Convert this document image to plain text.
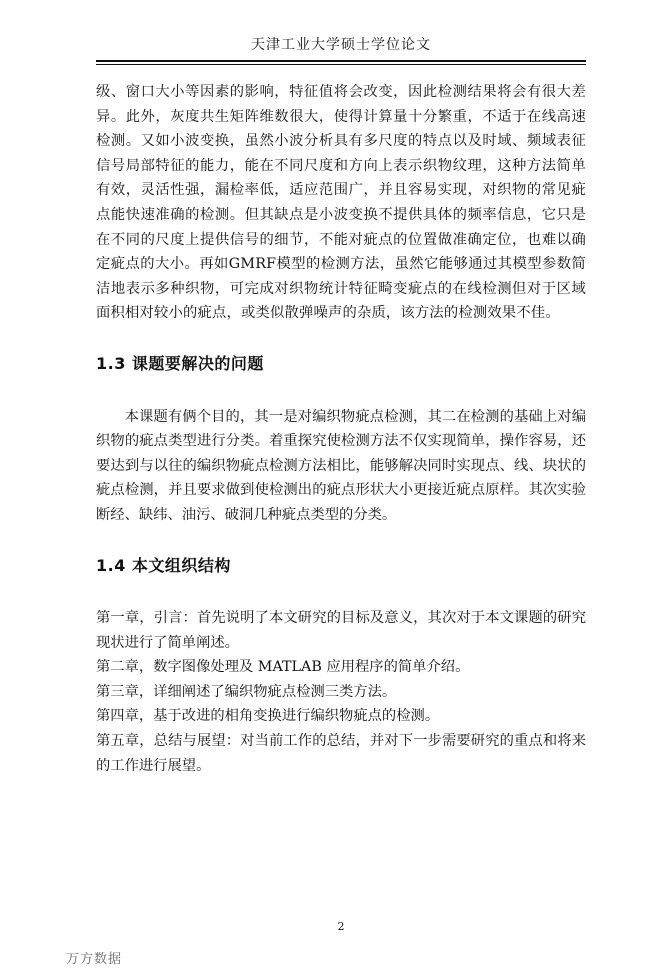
天津工业大学硕士学位论文

级、窗口大小等因素的影响，特征值将会改变，因此检测结果将会有很大差异。此外，灰度共生矩阵维数很大，使得计算量十分繁重，不适于在线高速检测。又如小波变换，虽然小波分析具有多尺度的特点以及时域、频域表征信号局部特征的能力，能在不同尺度和方向上表示织物纹理，这种方法简单有效，灵活性强，漏检率低，适应范围广，并且容易实现，对织物的常见疵点能快速准确的检测。但其缺点是小波变换不提供具体的频率信息，它只是在不同的尺度上提供信号的细节，不能对疵点的位置做准确定位，也难以确定疵点的大小。再如GMRF模型的检测方法，虽然它能够通过其模型参数简洁地表示多种织物，可完成对织物统计特征畸变疵点的在线检测但对于区域面积相对较小的疵点，或类似散弹噪声的杂质，该方法的检测效果不佳。

1.3 课题要解决的问题

本课题有俩个目的，其一是对编织物疵点检测，其二在检测的基础上对编织物的疵点类型进行分类。着重探究使检测方法不仅实现简单，操作容易，还要达到与以往的编织物疵点检测方法相比，能够解决同时实现点、线、块状的疵点检测，并且要求做到使检测出的疵点形状大小更接近疵点原样。其次实验断经、缺纬、油污、破洞几种疵点类型的分类。

1.4 本文组织结构

第一章，引言：首先说明了本文研究的目标及意义，其次对于本文课题的研究现状进行了简单阐述。

第二章，数字图像处理及 MATLAB 应用程序的简单介绍。

第三章，详细阐述了编织物疵点检测三类方法。

第四章，基于改进的相角变换进行编织物疵点的检测。

第五章，总结与展望：对当前工作的总结，并对下一步需要研究的重点和将来的工作进行展望。

2
万方数据
